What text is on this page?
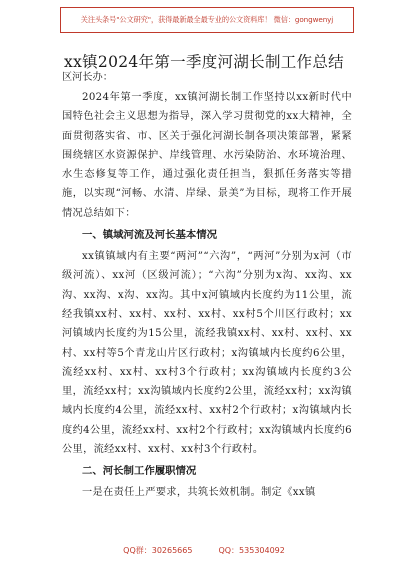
关注头条号"公文研究"，获得最新最全最专业的公文资料库！ 微信：gongwenyj
xx镇2024年第一季度河湖长制工作总结
区河长办：

2024年第一季度，xx镇河湖长制工作坚持以xx新时代中国特色社会主义思想为指导，深入学习贯彻党的xx大精神，全面贯彻落实省、市、区关于强化河湖长制各项决策部署，紧紧围绕辖区水资源保护、岸线管理、水污染防治、水环境治理、水生态修复等工作，通过强化责任担当，狠抓任务落实等措施，以实现“河畅、水清、岸绿、景美”为目标，现将工作开展情况总结如下：

一、镇域河流及河长基本情况

xx镇镇域内有主要“两河”“六沟”，“两河”分别为x河（市级河流）、xx河（区级河流）；“六沟”分别为x沟、xx沟、xx沟、xx沟、x沟、xx沟。其中x河镇域内长度约为11公里，流经我镇xx村、xx村、xx村、xx村、xx村5个川区行政村；xx河镇域内长度约为15公里，流经我镇xx村、xx村、xx村、xx村、xx村等5个青龙山片区行政村；x沟镇域内长度约6公里，流经xx村、xx村、xx村3个行政村；xx沟镇域内长度约3公里，流经xx村；xx沟镇域内长度约2公里，流经xx村；xx沟镇域内长度约4公里，流经xx村、xx村2个行政村；x沟镇域内长度约4公里，流经xx村、xx村2个行政村；xx沟镇域内长度约6公里，流经xx村、xx村、xx村3个行政村。

二、河长制工作履职情况

一是在责任上严要求，共筑长效机制。制定《xx镇

QQ群：30265665	QQ：535304092
